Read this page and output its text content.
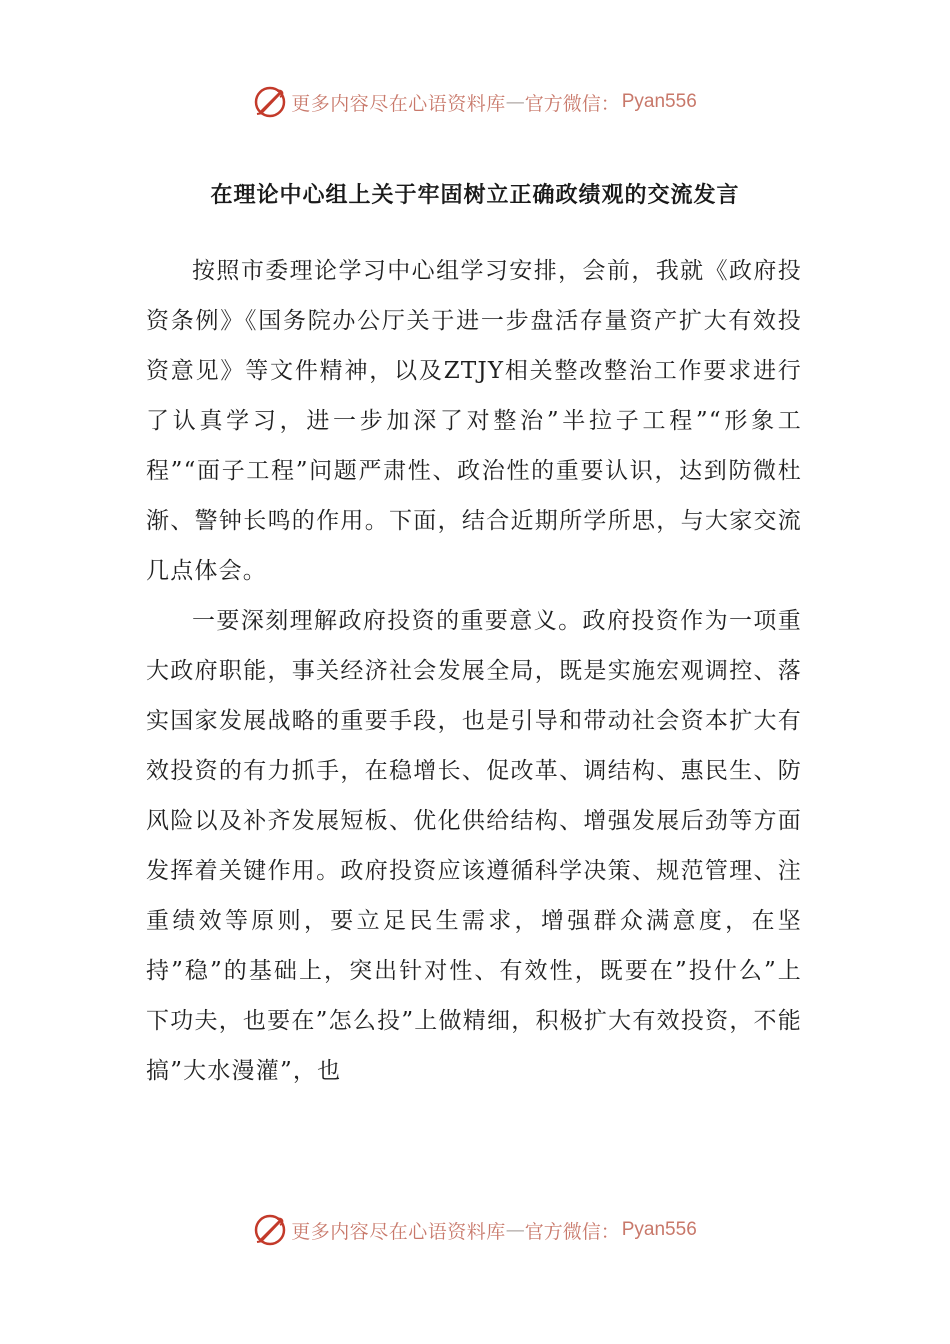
更多内容尽在心语资料库 — 官方微信： Pyan556
在理论中心组上关于牢固树立正确政绩观的交流发言

按照市委理论学习中心组学习安排，会前，我就《政府投资条例》《国务院办公厅关于进一步盘活存量资产扩大有效投资意见》等文件精神，以及ZTJY相关整改整治工作要求进行了认真学习，进一步加深了对整治”半拉子工程”“形象工程”“面子工程”问题严肃性、政治性的重要认识，达到防微杜渐、警钟长鸣的作用。下面，结合近期所学所思，与大家交流几点体会。

一要深刻理解政府投资的重要意义。政府投资作为一项重大政府职能，事关经济社会发展全局，既是实施宏观调控、落实国家发展战略的重要手段，也是引导和带动社会资本扩大有效投资的有力抓手，在稳增长、促改革、调结构、惠民生、防风险以及补齐发展短板、优化供给结构、增强发展后劲等方面发挥着关键作用。政府投资应该遵循科学决策、规范管理、注重绩效等原则，要立足民生需求，增强群众满意度，在坚持”稳”的基础上，突出针对性、有效性，既要在”投什么”上下功夫，也要在”怎么投”上做精细，积极扩大有效投资，不能搞”大水漫灌”，也

更多内容尽在心语资料库 — 官方微信： Pyan556
